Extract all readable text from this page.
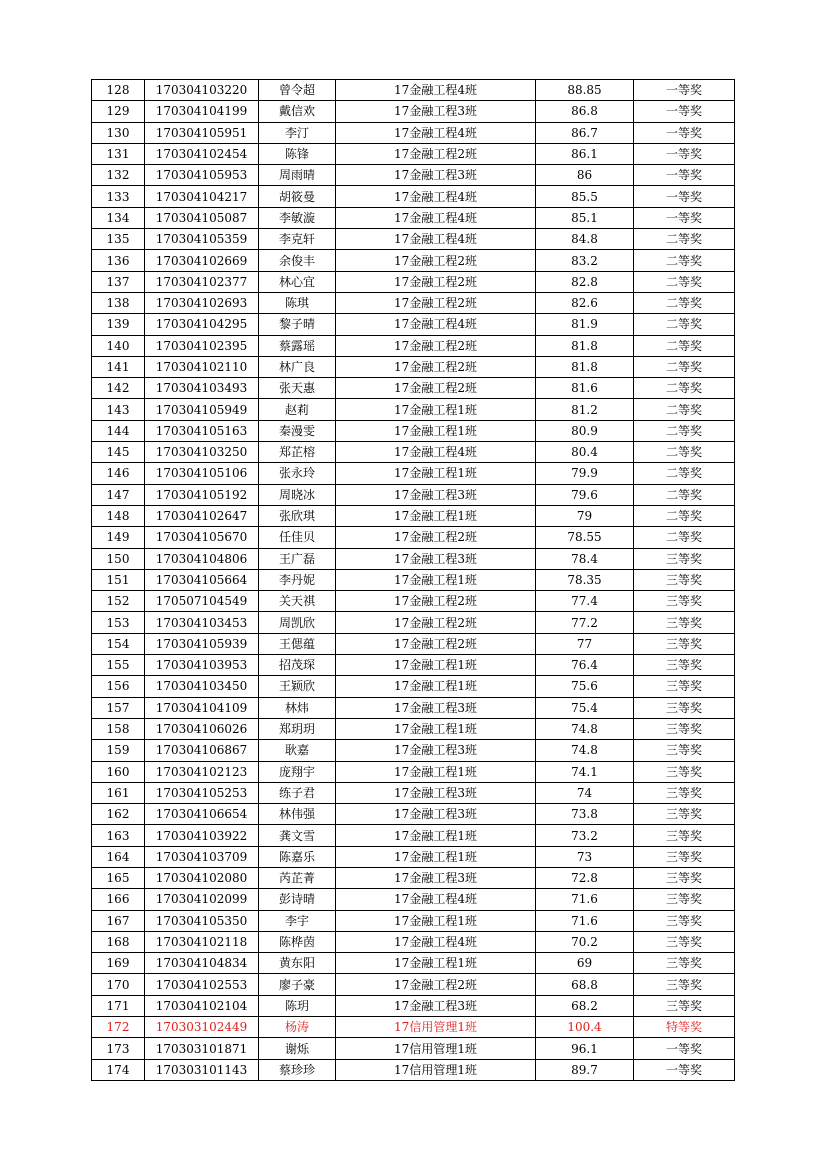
128	170304103220	曾令超	17金融工程4班	88.85	一等奖
129	170304104199	戴信欢	17金融工程3班	86.8	一等奖
130	170304105951	李汀	17金融工程4班	86.7	一等奖
131	170304102454	陈锋	17金融工程2班	86.1	一等奖
132	170304105953	周雨晴	17金融工程3班	86	一等奖
133	170304104217	胡筱曼	17金融工程4班	85.5	一等奖
134	170304105087	李敏漩	17金融工程4班	85.1	一等奖
135	170304105359	李克轩	17金融工程4班	84.8	二等奖
136	170304102669	余俊丰	17金融工程2班	83.2	二等奖
137	170304102377	林心宜	17金融工程2班	82.8	二等奖
138	170304102693	陈琪	17金融工程2班	82.6	二等奖
139	170304104295	黎子晴	17金融工程4班	81.9	二等奖
140	170304102395	蔡露瑶	17金融工程2班	81.8	二等奖
141	170304102110	林广良	17金融工程2班	81.8	二等奖
142	170304103493	张天惠	17金融工程2班	81.6	二等奖
143	170304105949	赵莉	17金融工程1班	81.2	二等奖
144	170304105163	秦漫雯	17金融工程1班	80.9	二等奖
145	170304103250	郑芷榕	17金融工程4班	80.4	二等奖
146	170304105106	张永玲	17金融工程1班	79.9	二等奖
147	170304105192	周晓冰	17金融工程3班	79.6	二等奖
148	170304102647	张欣琪	17金融工程1班	79	二等奖
149	170304105670	任佳贝	17金融工程2班	78.55	二等奖
150	170304104806	王广磊	17金融工程3班	78.4	三等奖
151	170304105664	李丹妮	17金融工程1班	78.35	三等奖
152	170507104549	关天祺	17金融工程2班	77.4	三等奖
153	170304103453	周凯欣	17金融工程2班	77.2	三等奖
154	170304105939	王偲蕴	17金融工程2班	77	三等奖
155	170304103953	招茂琛	17金融工程1班	76.4	三等奖
156	170304103450	王颖欣	17金融工程1班	75.6	三等奖
157	170304104109	林炜	17金融工程3班	75.4	三等奖
158	170304106026	郑玥玥	17金融工程1班	74.8	三等奖
159	170304106867	耿嘉	17金融工程3班	74.8	三等奖
160	170304102123	庞翔宇	17金融工程1班	74.1	三等奖
161	170304105253	练子君	17金融工程3班	74	三等奖
162	170304106654	林伟强	17金融工程3班	73.8	三等奖
163	170304103922	龚文雪	17金融工程1班	73.2	三等奖
164	170304103709	陈嘉乐	17金融工程1班	73	三等奖
165	170304102080	芮芷菁	17金融工程3班	72.8	三等奖
166	170304102099	彭诗晴	17金融工程4班	71.6	三等奖
167	170304105350	李宇	17金融工程1班	71.6	三等奖
168	170304102118	陈桦茵	17金融工程4班	70.2	三等奖
169	170304104834	黄东阳	17金融工程1班	69	三等奖
170	170304102553	廖子豪	17金融工程2班	68.8	三等奖
171	170304102104	陈玥	17金融工程3班	68.2	三等奖
172	170303102449	杨涛	17信用管理1班	100.4	特等奖
173	170303101871	谢烁	17信用管理1班	96.1	一等奖
174	170303101143	蔡珍珍	17信用管理1班	89.7	一等奖
